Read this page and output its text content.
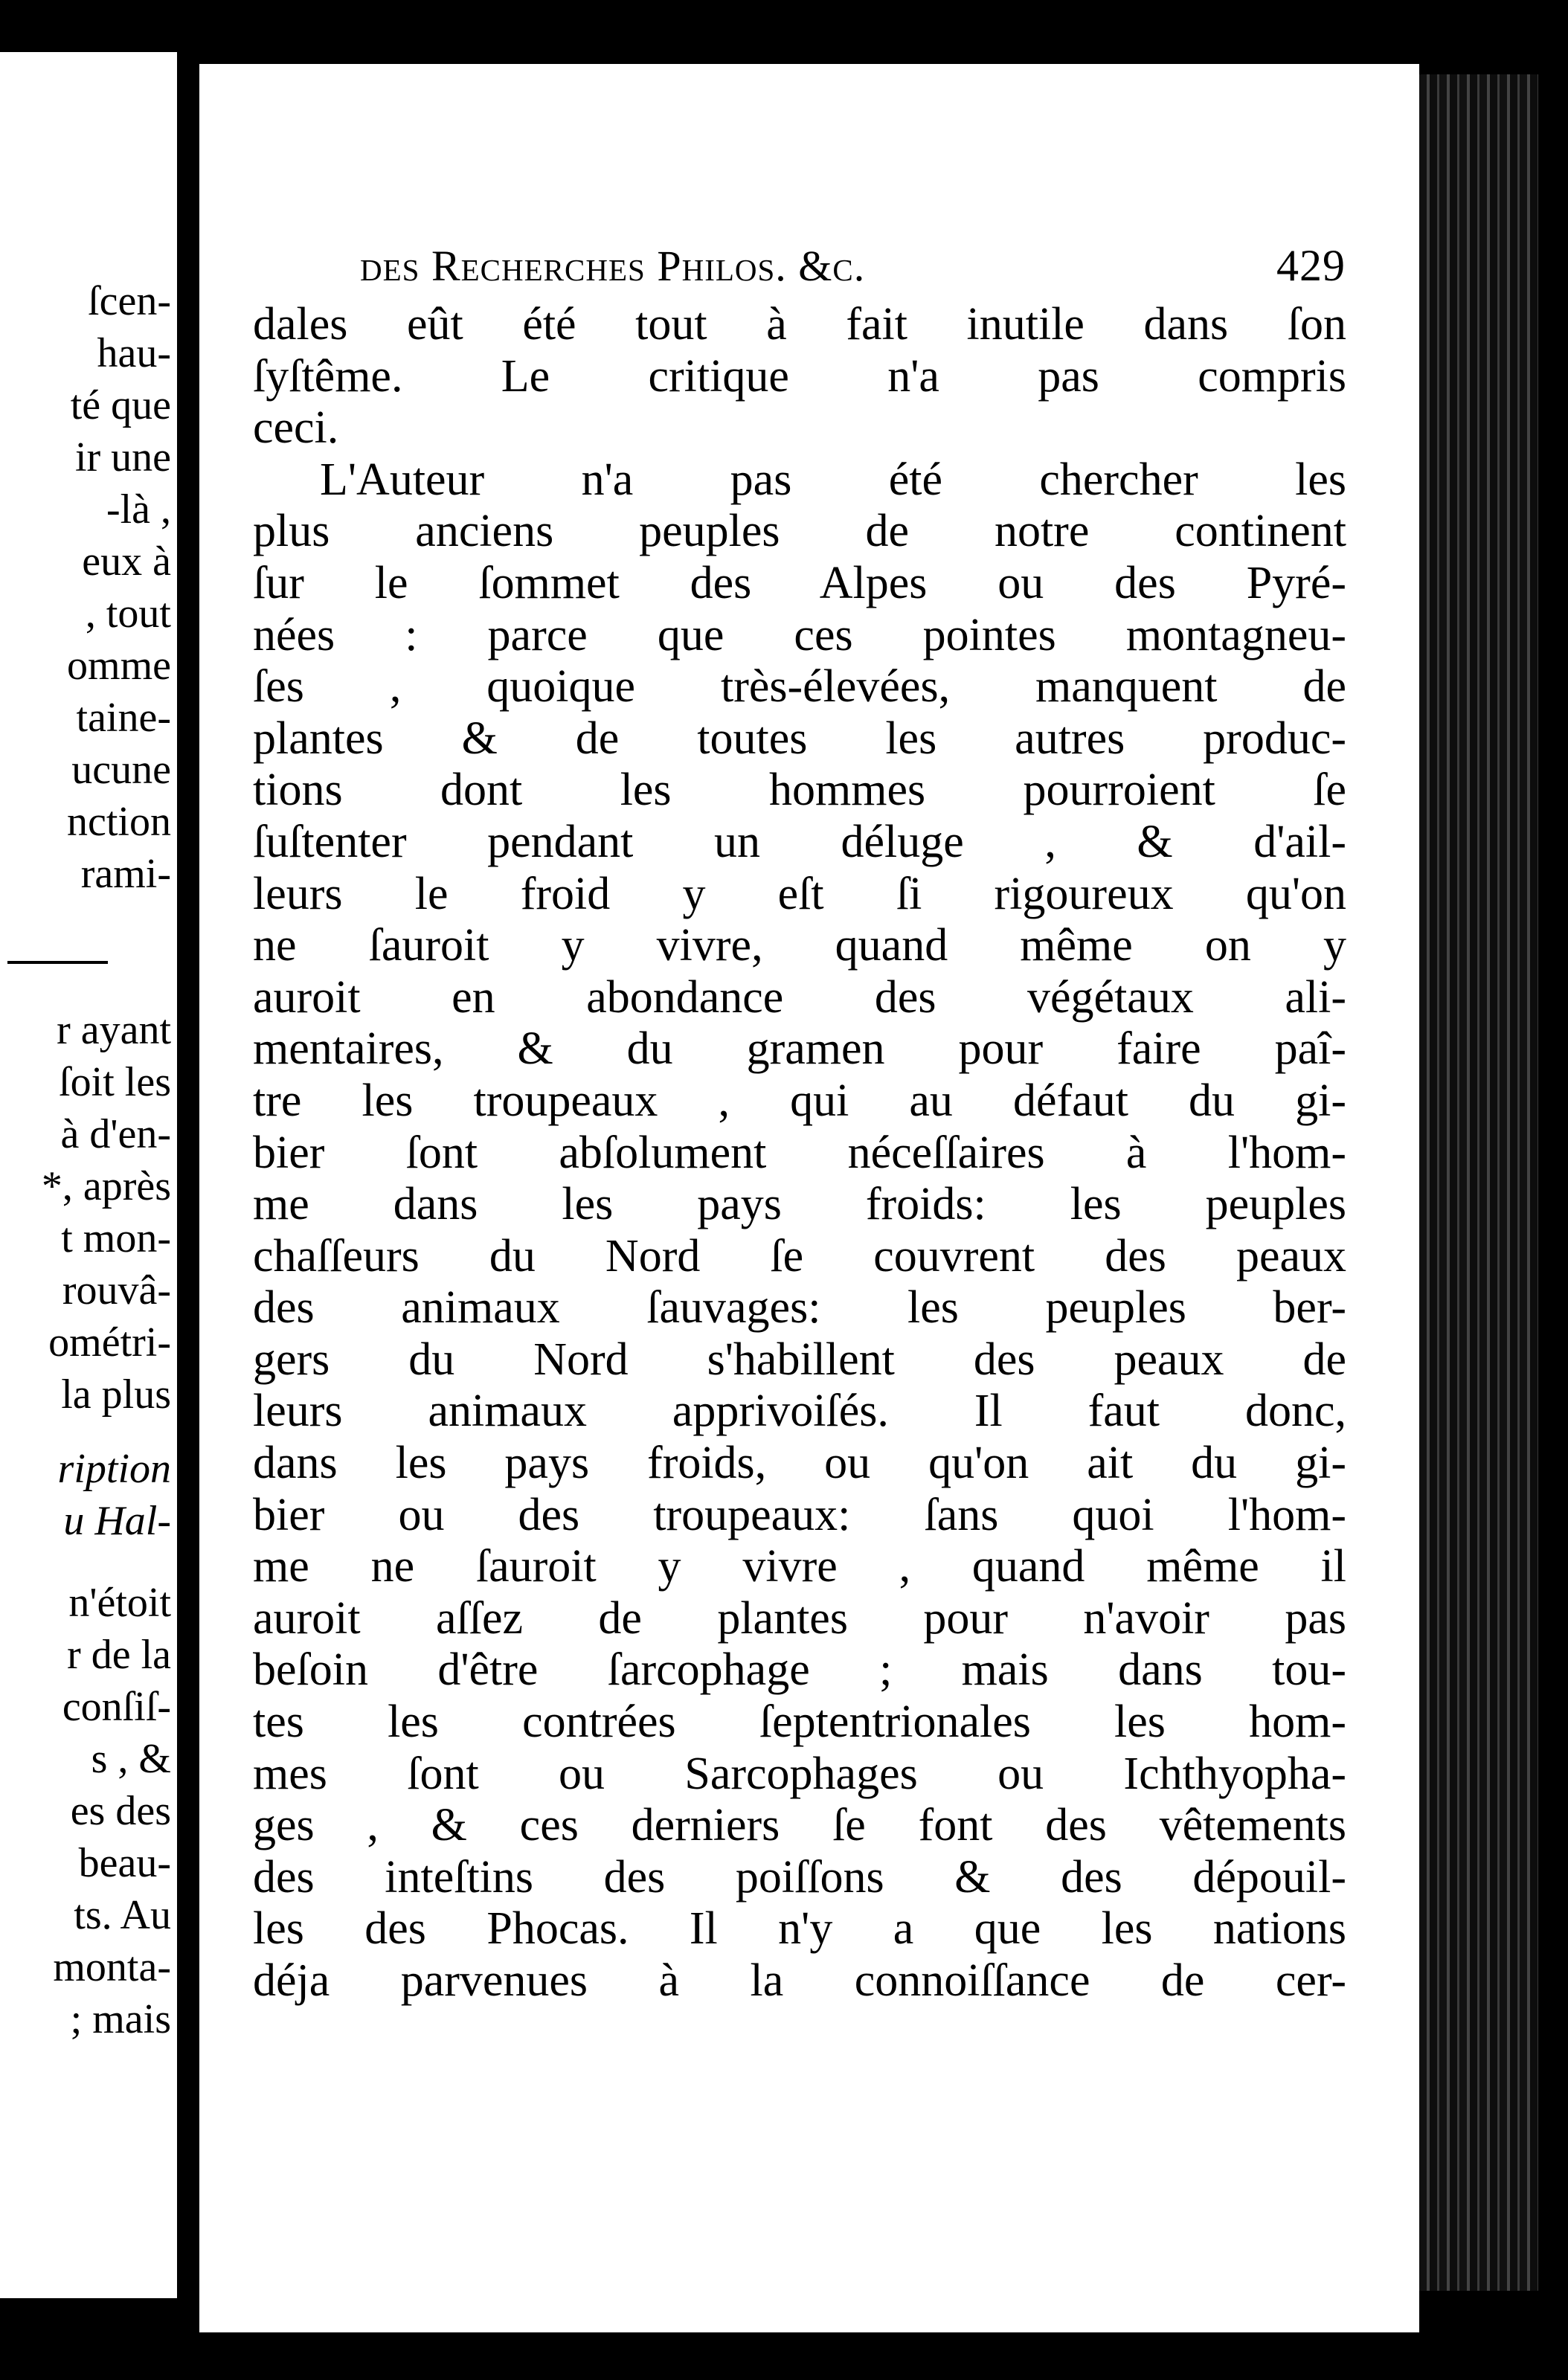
ſcen-
hau-
té que
ir une
-là ,
eux à
, tout
omme
taine-
ucune
nction
rami-
r ayant
ſoit les
à d'en-
*, après
t mon-
rouvâ-
ométri-
la plus
ription
u Hal-
n'étoit
r de la
conſiſ-
s , &
es des
beau-
ts. Au
monta-
; mais
des Recherches Philos. &c.	429
dales eût été tout à fait inutile dans ſon
ſyſtême. Le critique n'a pas compris
ceci.
L'Auteur n'a pas été chercher les
plus anciens peuples de notre continent
ſur le ſommet des Alpes ou des Pyré-
nées : parce que ces pointes montagneu-
ſes , quoique très-élevées, manquent de
plantes & de toutes les autres produc-
tions dont les hommes pourroient ſe
ſuſtenter pendant un déluge , & d'ail-
leurs le froid y eſt ſi rigoureux qu'on
ne ſauroit y vivre, quand même on y
auroit en abondance des végétaux ali-
mentaires, & du gramen pour faire paî-
tre les troupeaux , qui au défaut du gi-
bier ſont abſolument néceſſaires à l'hom-
me dans les pays froids: les peuples
chaſſeurs du Nord ſe couvrent des peaux
des animaux ſauvages: les peuples ber-
gers du Nord s'habillent des peaux de
leurs animaux apprivoiſés. Il faut donc,
dans les pays froids, ou qu'on ait du gi-
bier ou des troupeaux: ſans quoi l'hom-
me ne ſauroit y vivre , quand même il
auroit aſſez de plantes pour n'avoir pas
beſoin d'être ſarcophage ; mais dans tou-
tes les contrées ſeptentrionales les hom-
mes ſont ou Sarcophages ou Ichthyopha-
ges , & ces derniers ſe font des vêtements
des inteſtins des poiſſons & des dépouil-
les des Phocas. Il n'y a que les nations
déja parvenues à la connoiſſance de cer-
